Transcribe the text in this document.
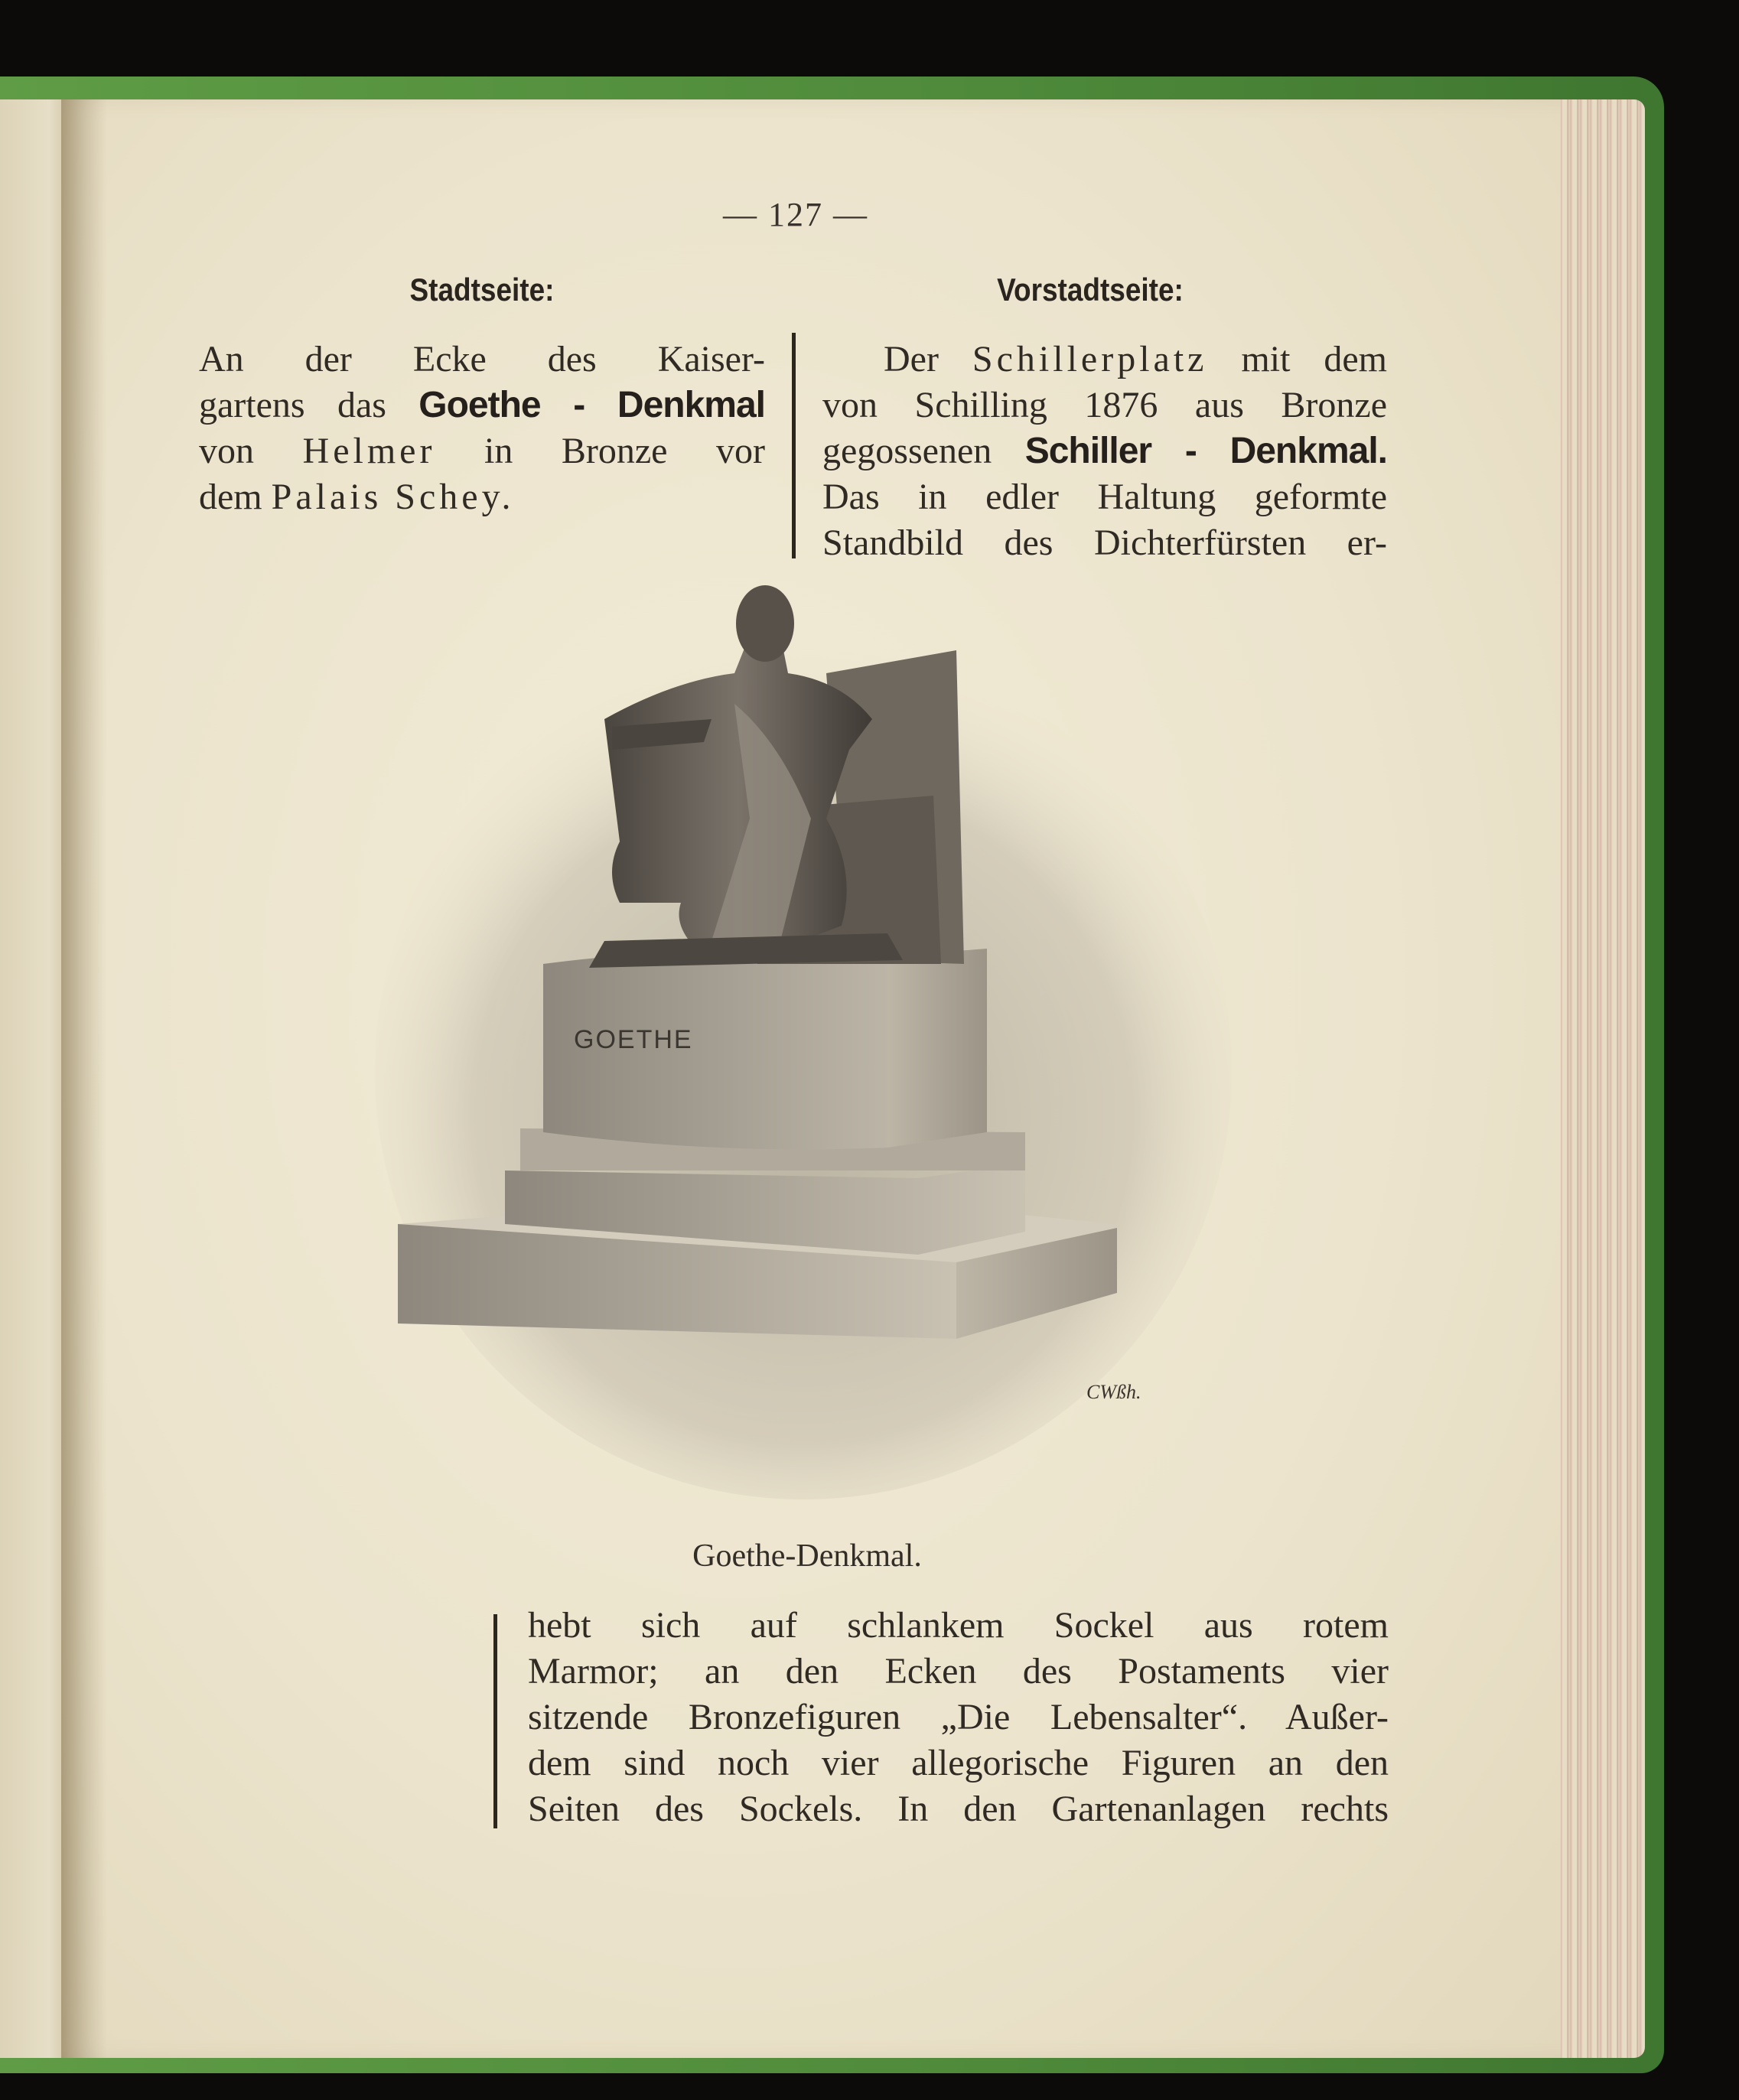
— 127 —
Stadtseite:	Vorstadtseite:
An der Ecke des Kaiser-
gartens das Goethe - Denkmal
von Helmer in Bronze vor
dem Palais Schey.
Der Schillerplatz mit dem
von Schilling 1876 aus Bronze
gegossenen Schiller - Denkmal.
Das in edler Haltung geformte
Standbild des Dichterfürsten er-
GOETHE
CWßh.
Goethe-Denkmal.
hebt sich auf schlankem Sockel aus rotem
Marmor; an den Ecken des Postaments vier
sitzende Bronzefiguren „Die Lebensalter“. Außer-
dem sind noch vier allegorische Figuren an den
Seiten des Sockels. In den Gartenanlagen rechts
